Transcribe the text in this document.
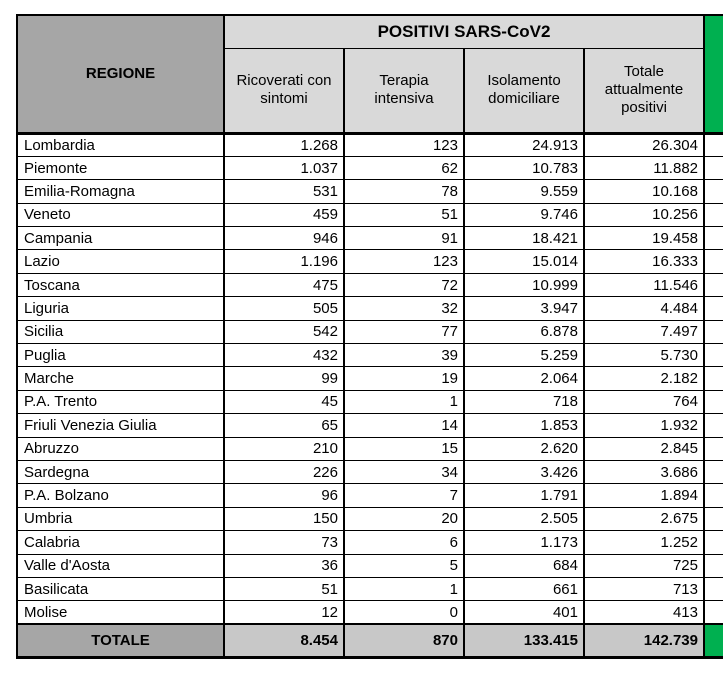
REGIONE	POSITIVI SARS-CoV2				
	Ricoverati con sintomi	Terapia intensiva	Isolamento domiciliare	Totale attualmente positivi	
Lombardia	1.268	123	24.913	26.304	
Piemonte	1.037	62	10.783	11.882	
Emilia-Romagna	531	78	9.559	10.168	
Veneto	459	51	9.746	10.256	
Campania	946	91	18.421	19.458	
Lazio	1.196	123	15.014	16.333	
Toscana	475	72	10.999	11.546	
Liguria	505	32	3.947	4.484	
Sicilia	542	77	6.878	7.497	
Puglia	432	39	5.259	5.730	
Marche	99	19	2.064	2.182	
P.A. Trento	45	1	718	764	
Friuli Venezia Giulia	65	14	1.853	1.932	
Abruzzo	210	15	2.620	2.845	
Sardegna	226	34	3.426	3.686	
P.A. Bolzano	96	7	1.791	1.894	
Umbria	150	20	2.505	2.675	
Calabria	73	6	1.173	1.252	
Valle d'Aosta	36	5	684	725	
Basilicata	51	1	661	713	
Molise	12	0	401	413	
TOTALE	8.454	870	133.415	142.739	
